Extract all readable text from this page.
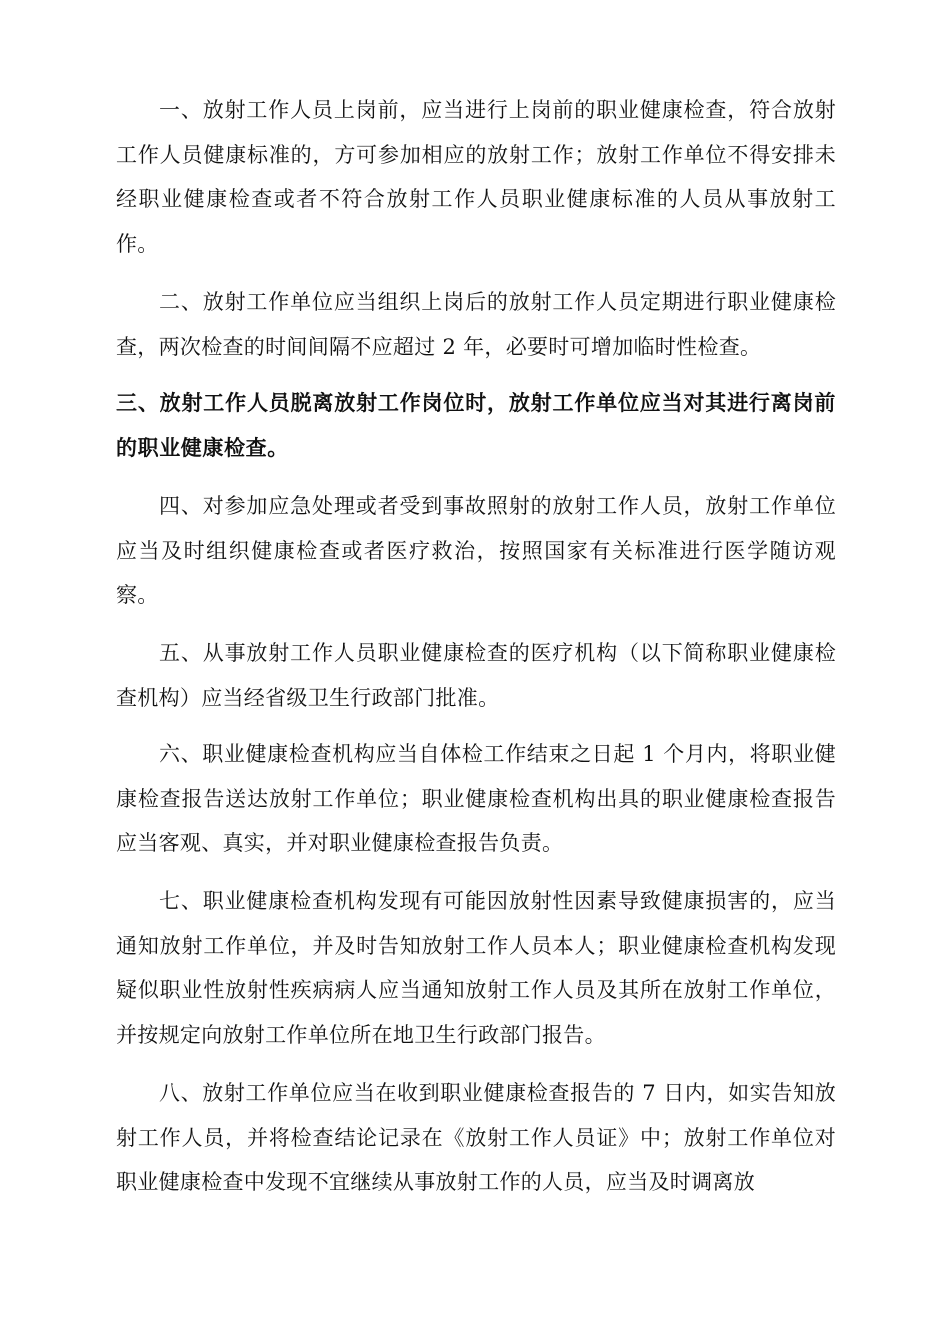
一、放射工作人员上岗前，应当进行上岗前的职业健康检查，符合放射工作人员健康标准的，方可参加相应的放射工作；放射工作单位不得安排未经职业健康检查或者不符合放射工作人员职业健康标准的人员从事放射工作。

二、放射工作单位应当组织上岗后的放射工作人员定期进行职业健康检查，两次检查的时间间隔不应超过 2 年，必要时可增加临时性检查。

三、放射工作人员脱离放射工作岗位时，放射工作单位应当对其进行离岗前的职业健康检查。

四、对参加应急处理或者受到事故照射的放射工作人员，放射工作单位应当及时组织健康检查或者医疗救治，按照国家有关标准进行医学随访观察。

五、从事放射工作人员职业健康检查的医疗机构（以下简称职业健康检查机构）应当经省级卫生行政部门批准。

六、职业健康检查机构应当自体检工作结束之日起 1 个月内，将职业健康检查报告送达放射工作单位；职业健康检查机构出具的职业健康检查报告应当客观、真实，并对职业健康检查报告负责。

七、职业健康检查机构发现有可能因放射性因素导致健康损害的，应当通知放射工作单位，并及时告知放射工作人员本人；职业健康检查机构发现疑似职业性放射性疾病病人应当通知放射工作人员及其所在放射工作单位，并按规定向放射工作单位所在地卫生行政部门报告。

八、放射工作单位应当在收到职业健康检查报告的 7 日内，如实告知放射工作人员，并将检查结论记录在《放射工作人员证》中；放射工作单位对职业健康检查中发现不宜继续从事放射工作的人员，应当及时调离放
